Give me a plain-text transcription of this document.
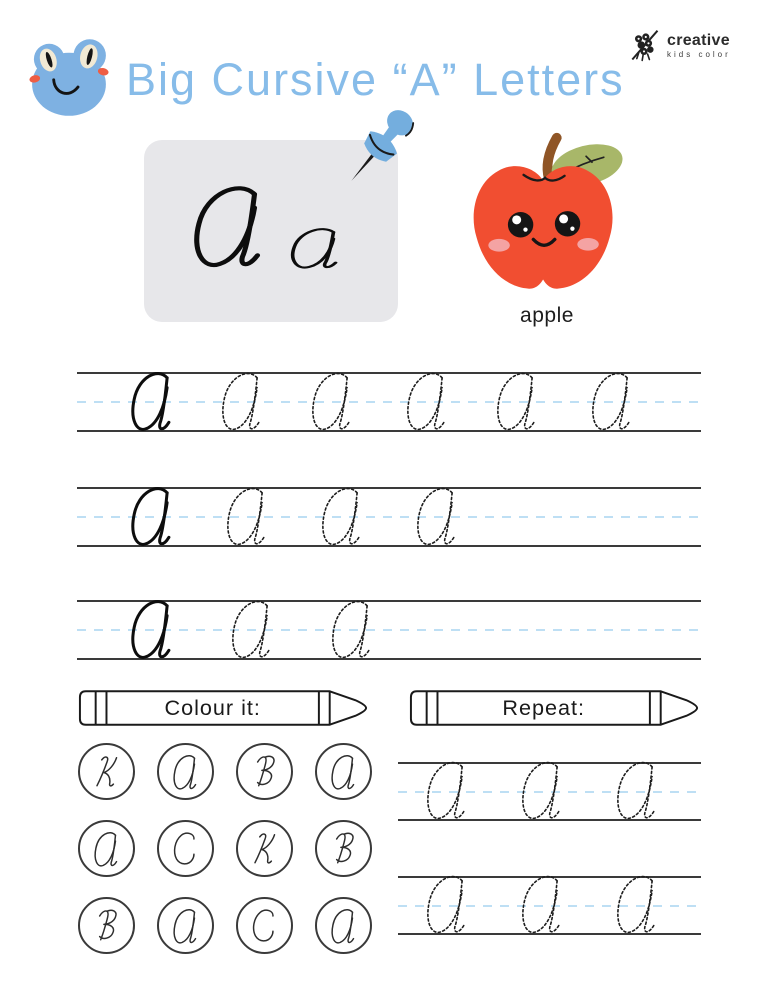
Big Cursive “A” Letters
creative
kids color
apple
Colour it:	Repeat:
